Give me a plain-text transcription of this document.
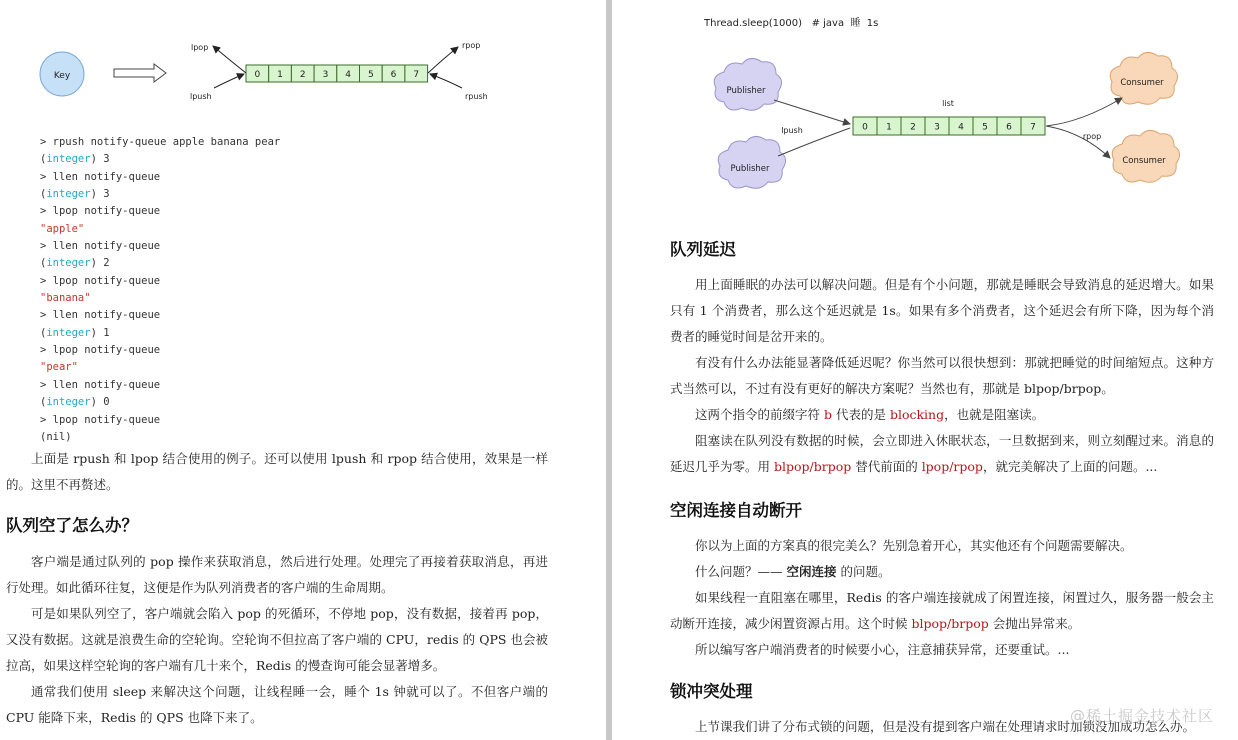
Key	0 1 2 3 4 5 6 7
lpop
lpush
rpop
rpush
> rpush notify-queue apple banana pear
(integer) 3
> llen notify-queue
(integer) 3
> lpop notify-queue
"apple"
> llen notify-queue
(integer) 2
> lpop notify-queue
"banana"
> llen notify-queue
(integer) 1
> lpop notify-queue
"pear"
> llen notify-queue
(integer) 0
> lpop notify-queue
(nil)
上面是 rpush 和 lpop 结合使用的例子。还可以使用 lpush 和 rpop 结合使用，效果是一样的。这里不再赘述。
队列空了怎么办？
客户端是通过队列的 pop 操作来获取消息，然后进行处理。处理完了再接着获取消息，再进行处理。如此循环往复，这便是作为队列消费者的客户端的生命周期。
可是如果队列空了，客户端就会陷入 pop 的死循环，不停地 pop，没有数据，接着再 pop，又没有数据。这就是浪费生命的空轮询。空轮询不但拉高了客户端的 CPU，redis 的 QPS 也会被拉高，如果这样空轮询的客户端有几十来个，Redis 的慢查询可能会显著增多。
通常我们使用 sleep 来解决这个问题，让线程睡一会，睡个 1s 钟就可以了。不但客户端的 CPU 能降下来，Redis 的 QPS 也降下来了。
Thread.sleep(1000)   # java  睡  1s
Publisher
Publisher
Consumer
Consumer
0 1 2 3 4 5 6 7
list
lpush
rpop
队列延迟
用上面睡眠的办法可以解决问题。但是有个小问题，那就是睡眠会导致消息的延迟增大。如果只有 1 个消费者，那么这个延迟就是 1s。如果有多个消费者，这个延迟会有所下降，因为每个消费者的睡觉时间是岔开来的。
有没有什么办法能显著降低延迟呢？你当然可以很快想到：那就把睡觉的时间缩短点。这种方式当然可以，不过有没有更好的解决方案呢？当然也有，那就是 blpop/brpop。
这两个指令的前缀字符 b 代表的是 blocking，也就是阻塞读。
阻塞读在队列没有数据的时候，会立即进入休眠状态，一旦数据到来，则立刻醒过来。消息的延迟几乎为零。用 blpop/brpop 替代前面的 lpop/rpop，就完美解决了上面的问题。...
空闲连接自动断开
你以为上面的方案真的很完美么？先别急着开心，其实他还有个问题需要解决。
什么问题？—— 空闲连接 的问题。
如果线程一直阻塞在哪里，Redis 的客户端连接就成了闲置连接，闲置过久，服务器一般会主动断开连接，减少闲置资源占用。这个时候 blpop/brpop 会抛出异常来。
所以编写客户端消费者的时候要小心，注意捕获异常，还要重试。...
锁冲突处理
上节课我们讲了分布式锁的问题，但是没有提到客户端在处理请求时加锁没加成功怎么办。
@稀土掘金技术社区
